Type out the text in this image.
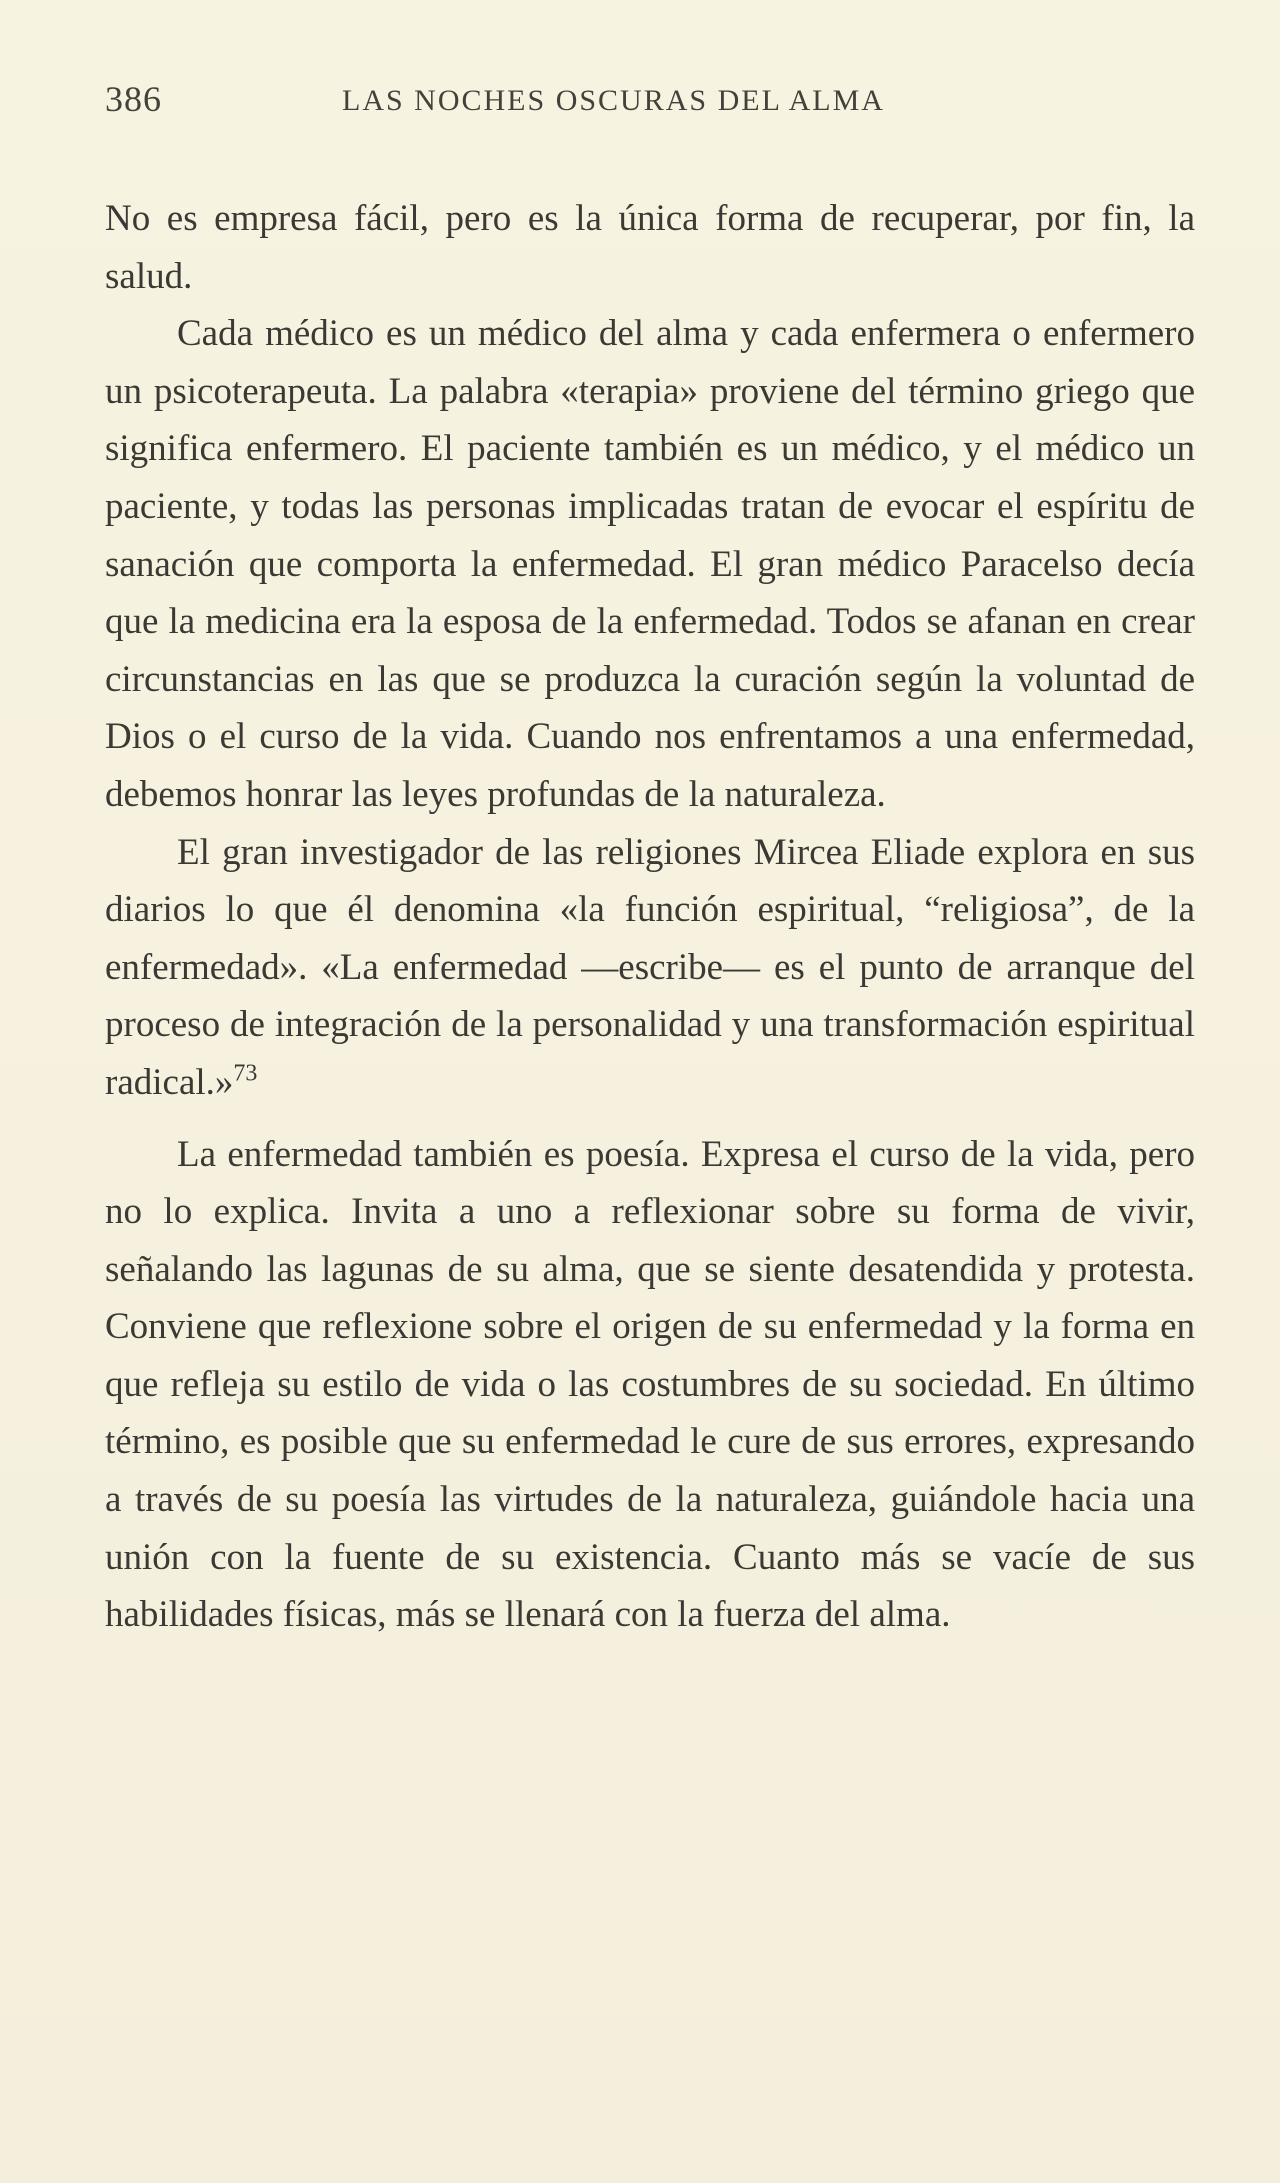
386	LAS NOCHES OSCURAS DEL ALMA

No es empresa fácil, pero es la única forma de recuperar, por fin, la salud.

Cada médico es un médico del alma y cada enfermera o enfermero un psicoterapeuta. La palabra «terapia» proviene del término griego que significa enfermero. El paciente también es un médico, y el médico un paciente, y todas las personas implicadas tratan de evocar el espíritu de sanación que comporta la enfermedad. El gran médico Paracelso decía que la medicina era la esposa de la enfermedad. Todos se afanan en crear circunstancias en las que se produzca la curación según la voluntad de Dios o el curso de la vida. Cuando nos enfrentamos a una enfermedad, debemos honrar las leyes profundas de la naturaleza.

El gran investigador de las religiones Mircea Eliade explora en sus diarios lo que él denomina «la función espiritual, “religiosa”, de la enfermedad». «La enfermedad —escribe— es el punto de arranque del proceso de integración de la personalidad y una transformación espiritual radical.»$^{73}$

La enfermedad también es poesía. Expresa el curso de la vida, pero no lo explica. Invita a uno a reflexionar sobre su forma de vivir, señalando las lagunas de su alma, que se siente desatendida y protesta. Conviene que reflexione sobre el origen de su enfermedad y la forma en que refleja su estilo de vida o las costumbres de su sociedad. En último término, es posible que su enfermedad le cure de sus errores, expresando a través de su poesía las virtudes de la naturaleza, guiándole hacia una unión con la fuente de su existencia. Cuanto más se vacíe de sus habilidades físicas, más se llenará con la fuerza del alma.
